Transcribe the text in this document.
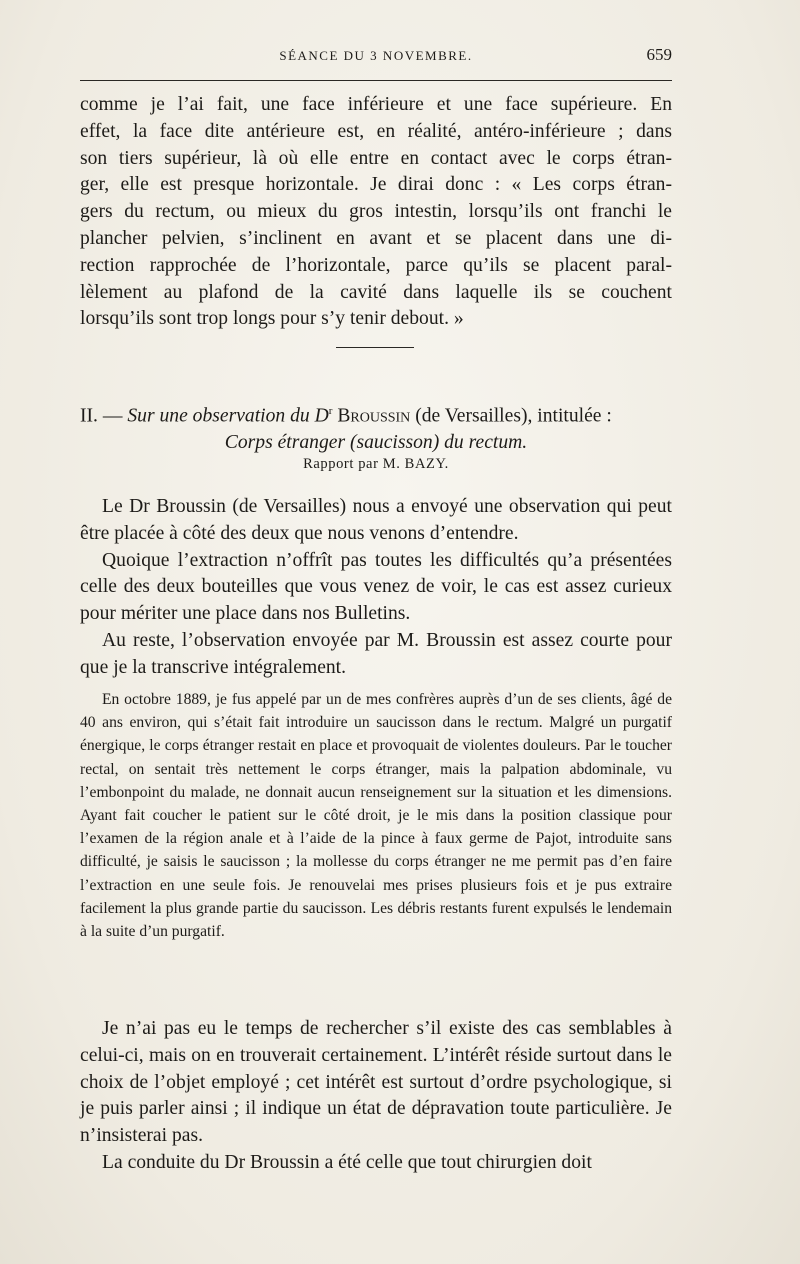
SÉANCE DU 3 NOVEMBRE.	659

comme je l’ai fait, une face inférieure et une face supérieure. En

effet, la face dite antérieure est, en réalité, antéro-inférieure ; dans

son tiers supérieur, là où elle entre en contact avec le corps étran-

ger, elle est presque horizontale. Je dirai donc : « Les corps étran-

gers du rectum, ou mieux du gros intestin, lorsqu’ils ont franchi le

plancher pelvien, s’inclinent en avant et se placent dans une di-

rection rapprochée de l’horizontale, parce qu’ils se placent paral-

lèlement au plafond de la cavité dans laquelle ils se couchent

lorsqu’ils sont trop longs pour s’y tenir debout. »

II. — Sur une observation du $D^r$ Broussin (de Versailles), intitulée :
Corps étranger (saucisson) du rectum.
Rapport par M. BAZY.

Le Dr Broussin (de Versailles) nous a envoyé une observation qui peut être placée à côté des deux que nous venons d’entendre.

Quoique l’extraction n’offrît pas toutes les difficultés qu’a présentées celle des deux bouteilles que vous venez de voir, le cas est assez curieux pour mériter une place dans nos Bulletins.

Au reste, l’observation envoyée par M. Broussin est assez courte pour que je la transcrive intégralement.

En octobre 1889, je fus appelé par un de mes confrères auprès d’un de ses clients, âgé de 40 ans environ, qui s’était fait introduire un saucisson dans le rectum. Malgré un purgatif énergique, le corps étranger restait en place et provoquait de violentes douleurs. Par le toucher rectal, on sentait très nettement le corps étranger, mais la palpation abdominale, vu l’embonpoint du malade, ne donnait aucun renseignement sur la situation et les dimensions. Ayant fait coucher le patient sur le côté droit, je le mis dans la position classique pour l’examen de la région anale et à l’aide de la pince à faux germe de Pajot, introduite sans difficulté, je saisis le saucisson ; la mollesse du corps étranger ne me permit pas d’en faire l’extraction en une seule fois. Je renouvelai mes prises plusieurs fois et je pus extraire facilement la plus grande partie du saucisson. Les débris restants furent expulsés le lendemain à la suite d’un purgatif.

Je n’ai pas eu le temps de rechercher s’il existe des cas semblables à celui-ci, mais on en trouverait certainement. L’intérêt réside surtout dans le choix de l’objet employé ; cet intérêt est surtout d’ordre psychologique, si je puis parler ainsi ; il indique un état de dépravation toute particulière. Je n’insisterai pas.

La conduite du Dr Broussin a été celle que tout chirurgien doit
